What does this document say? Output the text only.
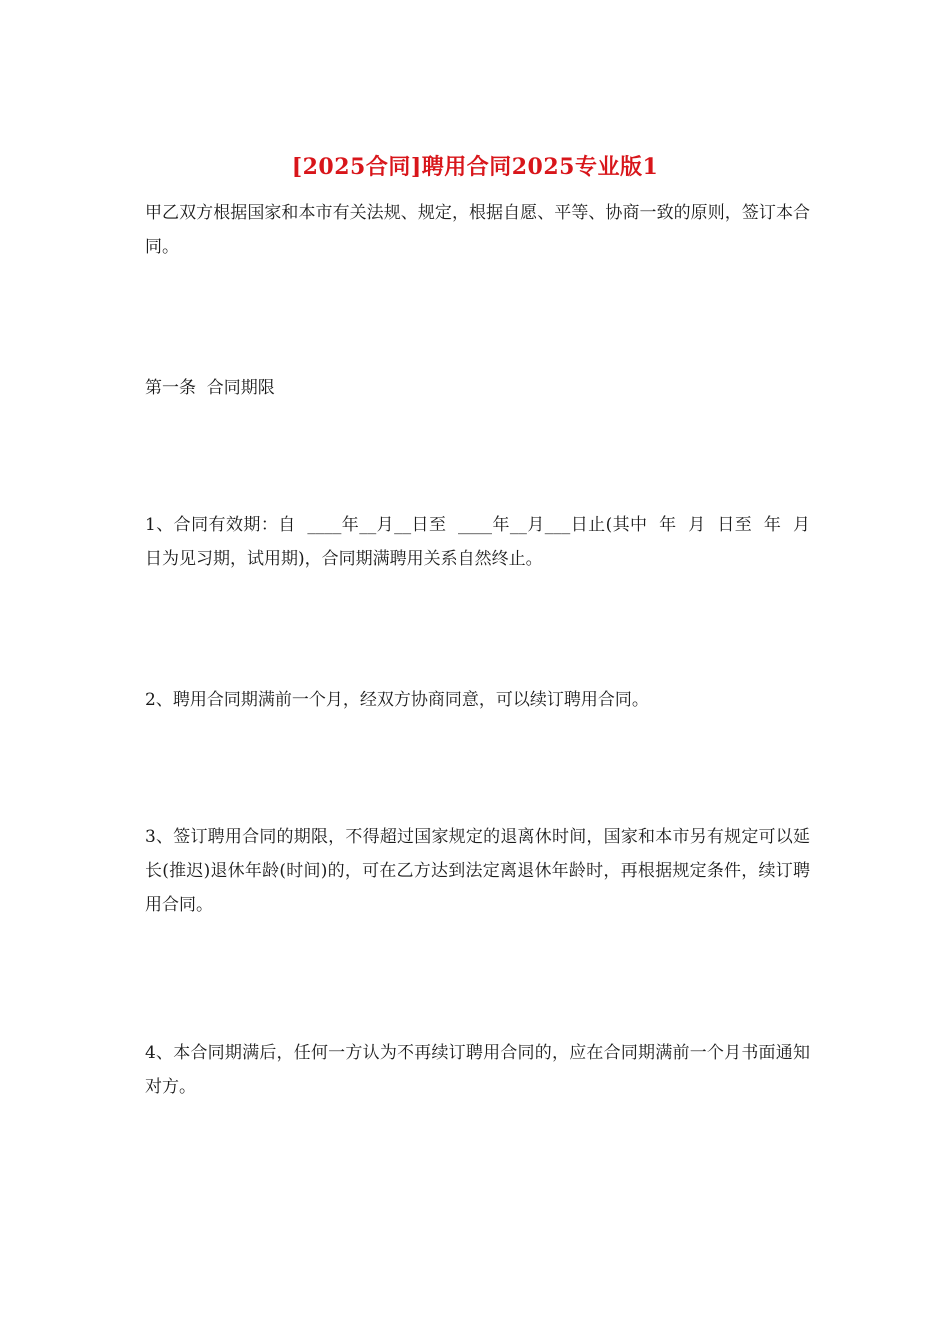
[2025合同]聘用合同2025专业版1

甲乙双方根据国家和本市有关法规、规定，根据自愿、平等、协商一致的原则，签订本合同。

第一条  合同期限

1、合同有效期：自  ____年__月__日至  ____年__月___日止(其中  年  月  日至  年  月  日为见习期，试用期)，合同期满聘用关系自然终止。

2、聘用合同期满前一个月，经双方协商同意，可以续订聘用合同。

3、签订聘用合同的期限，不得超过国家规定的退离休时间，国家和本市另有规定可以延长(推迟)退休年龄(时间)的，可在乙方达到法定离退休年龄时，再根据规定条件，续订聘用合同。

4、本合同期满后，任何一方认为不再续订聘用合同的，应在合同期满前一个月书面通知对方。
